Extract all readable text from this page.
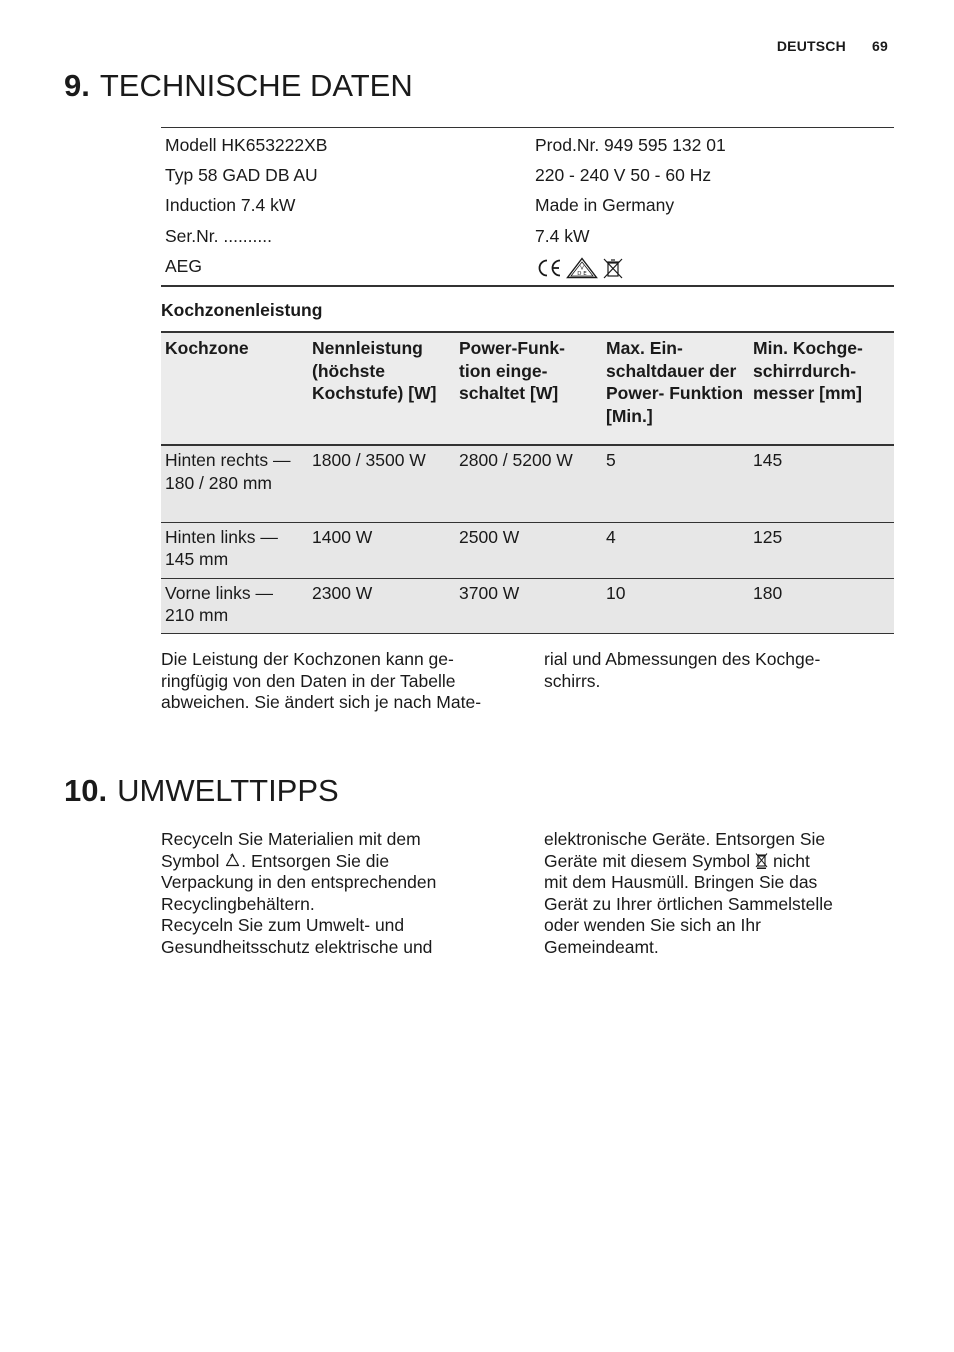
DEUTSCH 69
9. TECHNISCHE DATEN
Modell HK653222XB	Prod.Nr. 949 595 132 01
Typ 58 GAD DB AU	220 - 240 V 50 - 60 Hz
Induction 7.4 kW	Made in Germany
Ser.Nr. ..........	7.4 kW
AEG	V
D E
Kochzonenleistung
Kochzone	Nennleistung (höchste Kochstufe) [W]	Power-Funk- tion einge- schaltet [W]	Max. Ein- schaltdauer der Power- Funktion [Min.]	Min. Kochge- schirrdurch- messer [mm]
Hinten rechts —180 / 280 mm	1800 / 3500 W	2800 / 5200 W	5	145
Hinten links —145 mm	1400 W	2500 W	4	125
Vorne links — 210 mm	2300 W	3700 W	10	180
Die Leistung der Kochzonen kann ge-
ringfügig von den Daten in der Tabelle
abweichen. Sie ändert sich je nach Mate-
rial und Abmessungen des Kochge-
schirrs.
10. UMWELTTIPPS
Recyceln Sie Materialien mit dem
Symbol . Entsorgen Sie die
Verpackung in den entsprechenden
Recyclingbehältern.
Recyceln Sie zum Umwelt- und
Gesundheitsschutz elektrische und
elektronische Geräte. Entsorgen Sie
Geräte mit diesem Symbol nicht
mit dem Hausmüll. Bringen Sie das
Gerät zu Ihrer örtlichen Sammelstelle
oder wenden Sie sich an Ihr
Gemeindeamt.
